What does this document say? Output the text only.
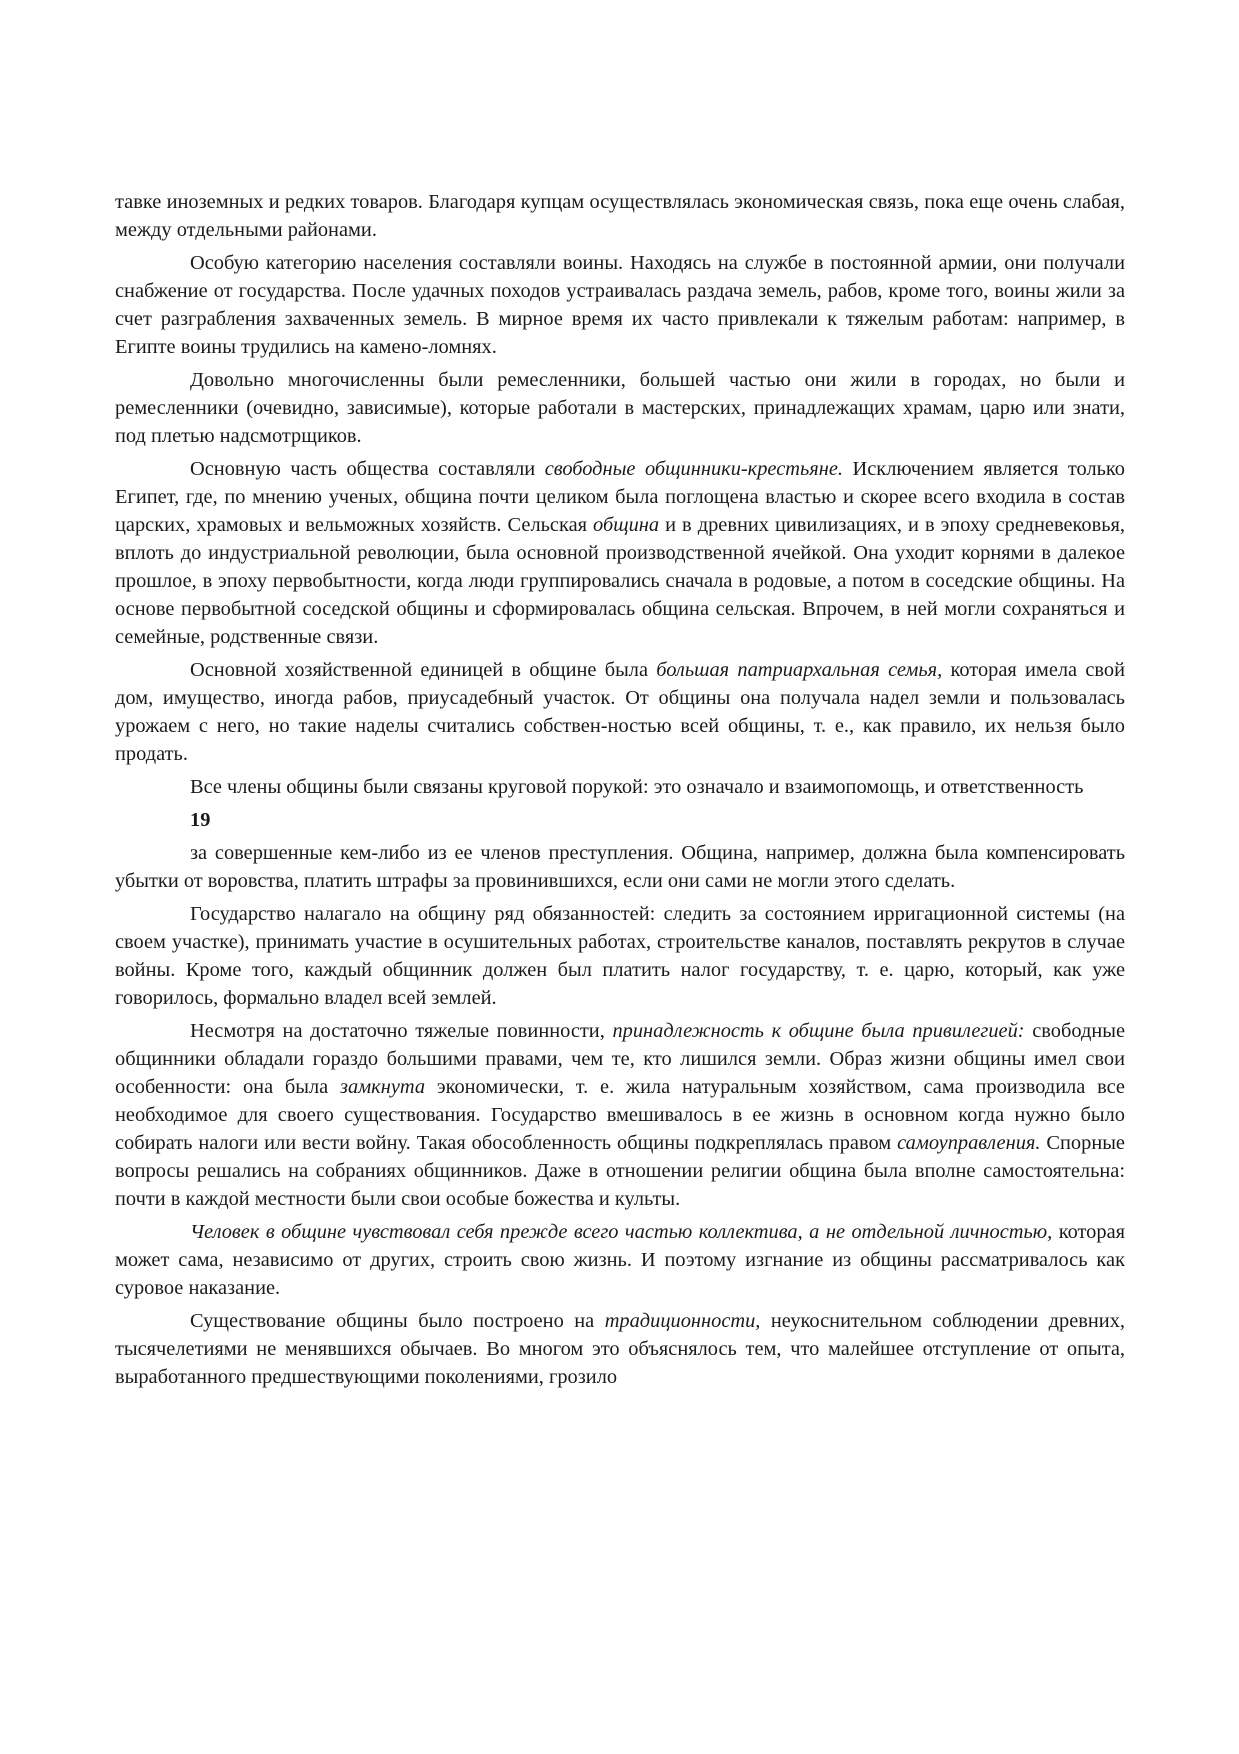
тавке иноземных и редких товаров. Благодаря купцам осуществлялась экономическая связь, пока еще очень слабая, между отдельными районами.

Особую категорию населения составляли воины. Находясь на службе в постоянной армии, они получали снабжение от государства. После удачных походов устраивалась раздача земель, рабов, кроме того, воины жили за счет разграбления захваченных земель. В мирное время их часто привлекали к тяжелым работам: например, в Египте воины трудились на камено-ломнях.

Довольно многочисленны были ремесленники, большей частью они жили в городах, но были и ремесленники (очевидно, зависимые), которые работали в мастерских, принадлежащих храмам, царю или знати, под плетью надсмотрщиков.

Основную часть общества составляли свободные общинники-крестьяне. Исключением является только Египет, где, по мнению ученых, община почти целиком была поглощена властью и скорее всего входила в состав царских, храмовых и вельможных хозяйств. Сельская община и в древних цивилизациях, и в эпоху средневековья, вплоть до индустриальной революции, была основной производственной ячейкой. Она уходит корнями в далекое прошлое, в эпоху первобытности, когда люди группировались сначала в родовые, а потом в соседские общины. На основе первобытной соседской общины и сформировалась община сельская. Впрочем, в ней могли сохраняться и семейные, родственные связи.

Основной хозяйственной единицей в общине была большая патриархальная семья, которая имела свой дом, имущество, иногда рабов, приусадебный участок. От общины она получала надел земли и пользовалась урожаем с него, но такие наделы считались собствен-ностью всей общины, т. е., как правило, их нельзя было продать.

Все члены общины были связаны круговой порукой: это означало и взаимопомощь, и ответственность

19

за совершенные кем-либо из ее членов преступления. Община, например, должна была компенсировать убытки от воровства, платить штрафы за провинившихся, если они сами не могли этого сделать.

Государство налагало на общину ряд обязанностей: следить за состоянием ирригационной системы (на своем участке), принимать участие в осушительных работах, строительстве каналов, поставлять рекрутов в случае войны. Кроме того, каждый общинник должен был платить налог государству, т. е. царю, который, как уже говорилось, формально владел всей землей.

Несмотря на достаточно тяжелые повинности, принадлежность к общине была привилегией: свободные общинники обладали гораздо большими правами, чем те, кто лишился земли. Образ жизни общины имел свои особенности: она была замкнута экономически, т. е. жила натуральным хозяйством, сама производила все необходимое для своего существования. Государство вмешивалось в ее жизнь в основном когда нужно было собирать налоги или вести войну. Такая обособленность общины подкреплялась правом самоуправления. Спорные вопросы решались на собраниях общинников. Даже в отношении религии община была вполне самостоятельна: почти в каждой местности были свои особые божества и культы.

Человек в общине чувствовал себя прежде всего частью коллектива, а не отдельной личностью, которая может сама, независимо от других, строить свою жизнь. И поэтому изгнание из общины рассматривалось как суровое наказание.

Существование общины было построено на традиционности, неукоснительном соблюдении древних, тысячелетиями не менявшихся обычаев. Во многом это объяснялось тем, что малейшее отступление от опыта, выработанного предшествующими поколениями, грозило
